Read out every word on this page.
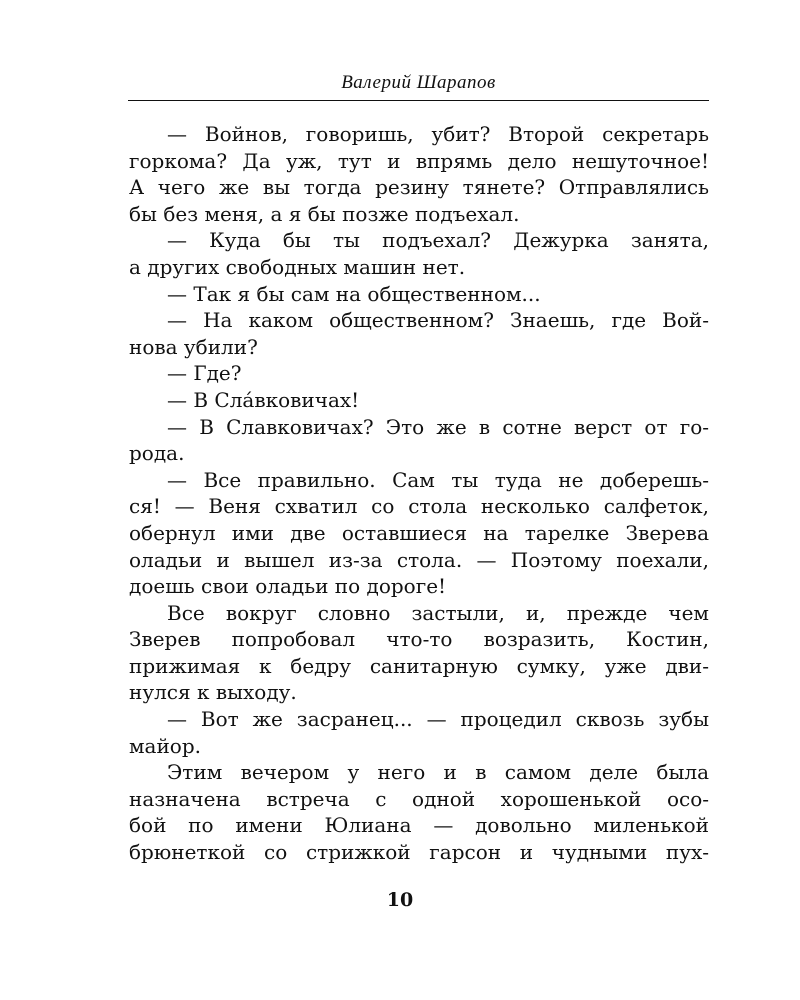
Валерий Шарапов
— Войнов, говоришь, убит? Второй секретарь
горкома? Да уж, тут и впрямь дело нешуточное!
А чего же вы тогда резину тянете? Отправлялись
бы без меня, а я бы позже подъехал.
— Куда бы ты подъехал? Дежурка занята,
а других свободных машин нет.
— Так я бы сам на общественном...
— На каком общественном? Знаешь, где Вой-
нова убили?
— Где?
— В Сла́вковичах!
— В Славковичах? Это же в сотне верст от го-
рода.
— Все правильно. Сам ты туда не доберешь-
ся! — Веня схватил со стола несколько салфеток,
обернул ими две оставшиеся на тарелке Зверева
оладьи и вышел из-за стола. — Поэтому поехали,
доешь свои оладьи по дороге!
Все вокруг словно застыли, и, прежде чем
Зверев попробовал что-то возразить, Костин,
прижимая к бедру санитарную сумку, уже дви-
нулся к выходу.
— Вот же засранец... — процедил сквозь зубы
майор.
Этим вечером у него и в самом деле была
назначена встреча с одной хорошенькой осо-
бой по имени Юлиана — довольно миленькой
брюнеткой со стрижкой гарсон и чудными пух-
10
